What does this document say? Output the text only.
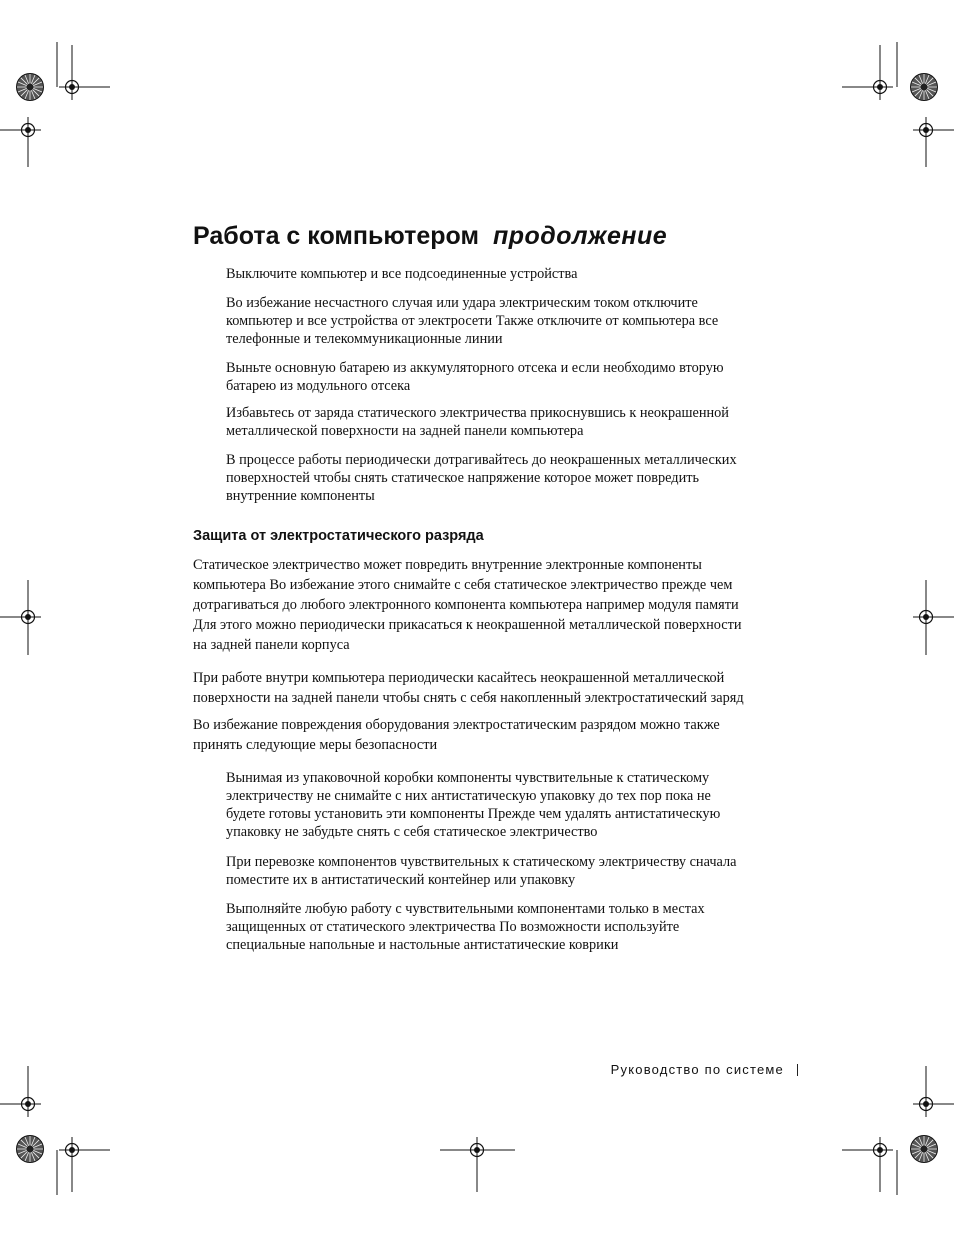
Работа с компьютером продолжение

Выключите компьютер и все подсоединенные устройства

Во избежание несчастного случая или удара электрическим током отключите
компьютер и все устройства от электросети Также отключите от компьютера все
телефонные и телекоммуникационные линии

Выньте основную батарею из аккумуляторного отсека и если необходимо вторую
батарею из модульного отсека

Избавьтесь от заряда статического электричества прикоснувшись к неокрашенной
металлической поверхности на задней панели компьютера

В процессе работы периодически дотрагивайтесь до неокрашенных металлических
поверхностей чтобы снять статическое напряжение которое может повредить
внутренние компоненты

Защита от электростатического разряда

Статическое электричество может повредить внутренние электронные компоненты
компьютера Во избежание этого снимайте с себя статическое электричество прежде чем
дотрагиваться до любого электронного компонента компьютера например модуля памяти
Для этого можно периодически прикасаться к неокрашенной металлической поверхности
на задней панели корпуса

При работе внутри компьютера периодически касайтесь неокрашенной металлической
поверхности на задней панели чтобы снять с себя накопленный электростатический заряд

Во избежание повреждения оборудования электростатическим разрядом можно также
принять следующие меры безопасности

Вынимая из упаковочной коробки компоненты чувствительные к статическому
электричеству не снимайте с них антистатическую упаковку до тех пор пока не
будете готовы установить эти компоненты Прежде чем удалять антистатическую
упаковку не забудьте снять с себя статическое электричество

При перевозке компонентов чувствительных к статическому электричеству сначала
поместите их в антистатический контейнер или упаковку

Выполняйте любую работу с чувствительными компонентами только в местах
защищенных от статического электричества По возможности используйте
специальные напольные и настольные антистатические коврики

Руководство по системе
